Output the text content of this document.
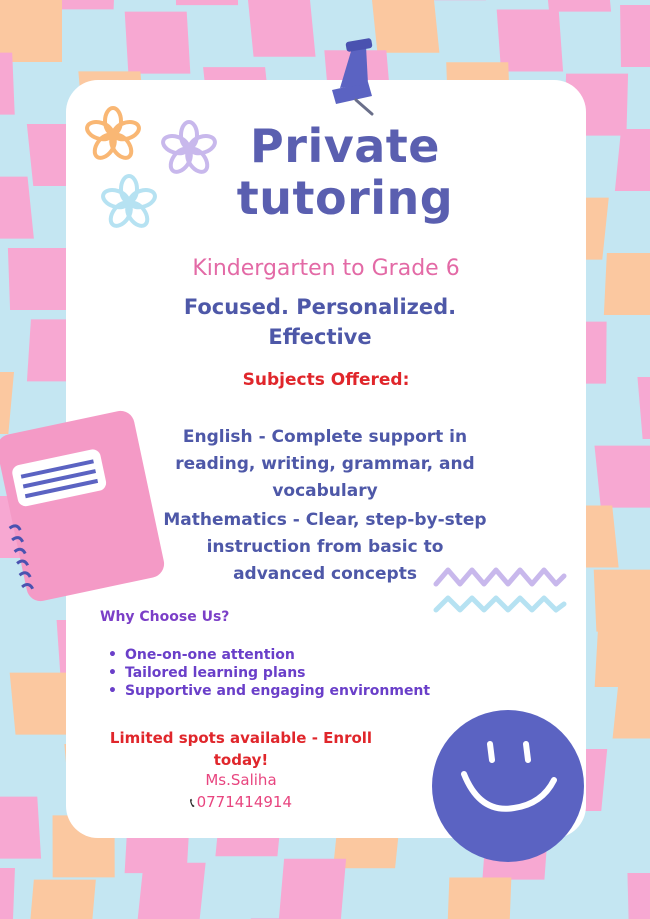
Private
tutoring
Kindergarten to Grade 6
Focused. Personalized.
Effective
Subjects Offered:
English - Complete support in
reading, writing, grammar, and
vocabulary
Mathematics - Clear, step-by-step
instruction from basic to
advanced concepts
Why Choose Us?
• One-on-one attention
• Tailored learning plans
• Supportive and engaging environment
Limited spots available - Enroll
today!
Ms.Saliha
📞︎ 0771414914
